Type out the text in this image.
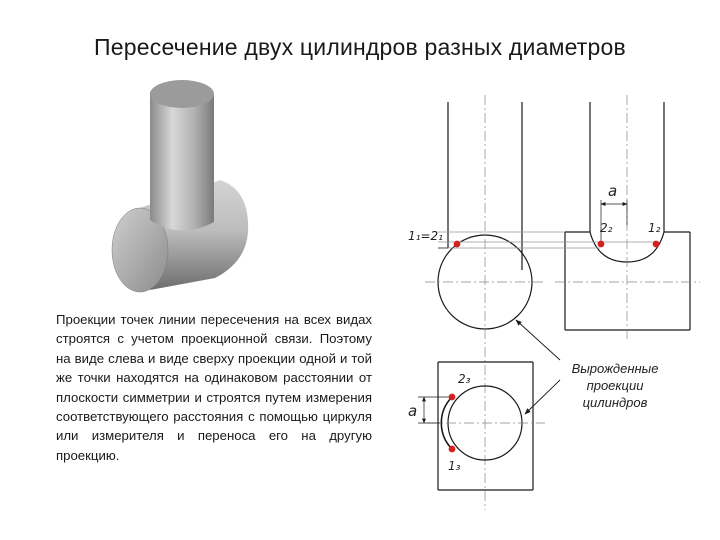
Пересечение двух цилиндров разных диаметров
1₁=2₁
2₂	1₂
a
2₃
1₃
a
Проекции точек линии пересечения на всех видах строятся с учетом проекционной связи. Поэтому на виде слева и виде сверху проекции одной и той же точки находятся на одинаковом расстоянии от плоскости симметрии и строятся путем измерения соответствующего расстояния с помощью циркуля или измерителя и переноса его на другую проекцию.
Вырожденные проекции цилиндров
